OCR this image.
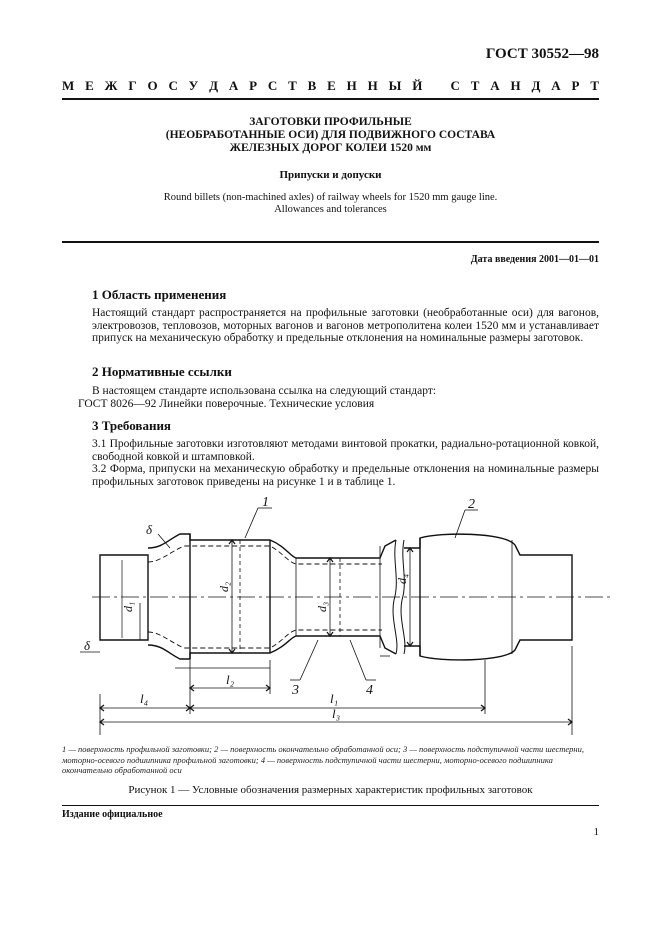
ГОСТ 30552—98
М Е Ж Г О С У Д А Р С Т В Е Н Н Ы Й
С Т А Н Д А Р Т
ЗАГОТОВКИ ПРОФИЛЬНЫЕ
(НЕОБРАБОТАННЫЕ ОСИ) ДЛЯ ПОДВИЖНОГО СОСТАВА
ЖЕЛЕЗНЫХ ДОРОГ КОЛЕИ 1520 мм
Припуски и допуски
Round billets (non-machined axles) of railway wheels for 1520 mm gauge line.
Allowances and tolerances
Дата введения 2001—01—01
1 Область применения
Настоящий стандарт распространяется на профильные заготовки (необработанные оси) для вагонов, электровозов, тепловозов, моторных вагонов и вагонов метрополитена колеи 1520 мм и устанавливает припуск на механическую обработку и предельные отклонения на номинальные размеры заготовок.
2 Нормативные ссылки
В настоящем стандарте использована ссылка на следующий стандарт:
ГОСТ 8026—92 Линейки поверочные. Технические условия
3 Требования
3.1 Профильные заготовки изготовляют методами винтовой прокатки, радиально-ротационной ковкой, свободной ковкой и штамповкой.
3.2 Форма, припуски на механическую обработку и предельные отклонения на номинальные размеры профильных заготовок приведены на рисунке 1 и в таблице 1.
1	2
3	4
δ
δ
d₁
d₂
d₃
d₄
l₁
l₂
l₃
l₄
1 — поверхность профильной заготовки; 2 — поверхность окончательно обработанной оси; 3 — поверхность подступичной части шестерни, моторно-осевого подшипника профильной заготовки; 4 — поверхность подступичной части шестерни, моторно-осевого подшипника окончательно обработанной оси
Рисунок 1 — Условные обозначения размерных характеристик профильных заготовок
Издание официальное
1
